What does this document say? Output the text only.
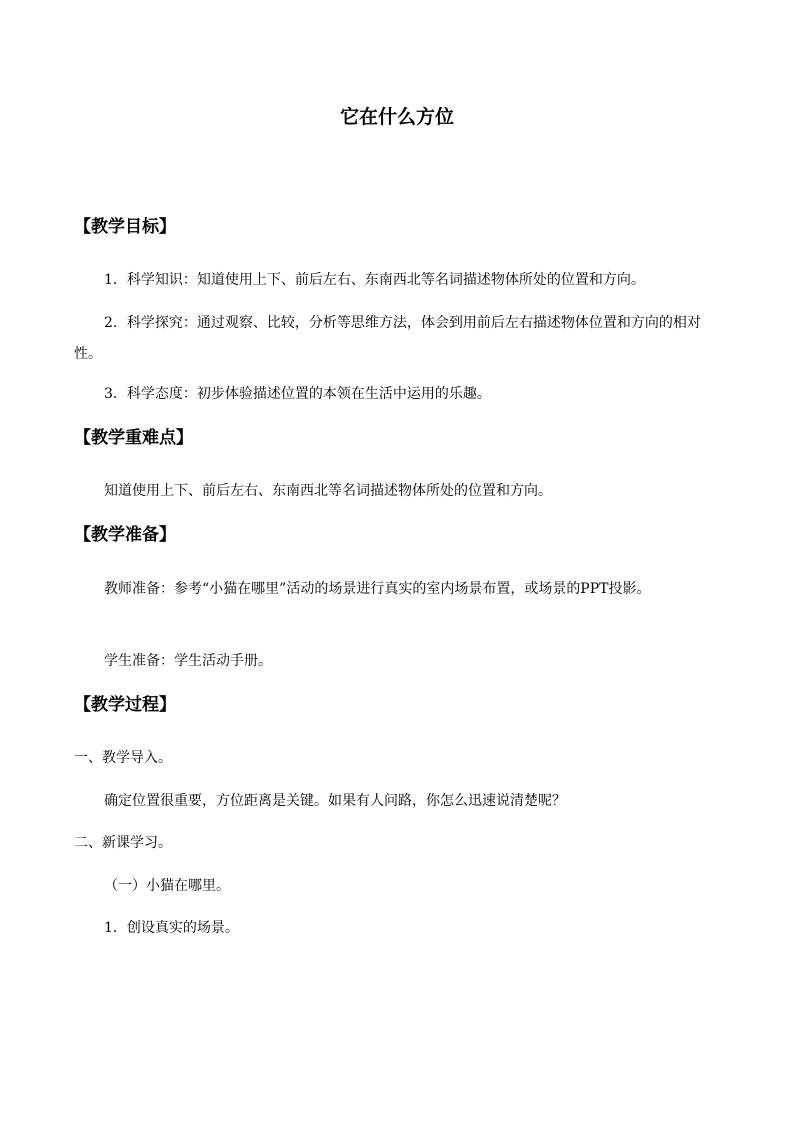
它在什么方位
【教学目标】
1．科学知识：知道使用上下、前后左右、东南西北等名词描述物体所处的位置和方向。
2．科学探究：通过观察、比较，分析等思维方法，体会到用前后左右描述物体位置和方向的相对性。
3．科学态度：初步体验描述位置的本领在生活中运用的乐趣。
【教学重难点】
知道使用上下、前后左右、东南西北等名词描述物体所处的位置和方向。
【教学准备】
教师准备：参考“小猫在哪里”活动的场景进行真实的室内场景布置，或场景的PPT投影。
学生准备：学生活动手册。
【教学过程】
一、教学导入。
确定位置很重要，方位距离是关键。如果有人问路，你怎么迅速说清楚呢？
二、新课学习。
（一）小猫在哪里。
1．创设真实的场景。
